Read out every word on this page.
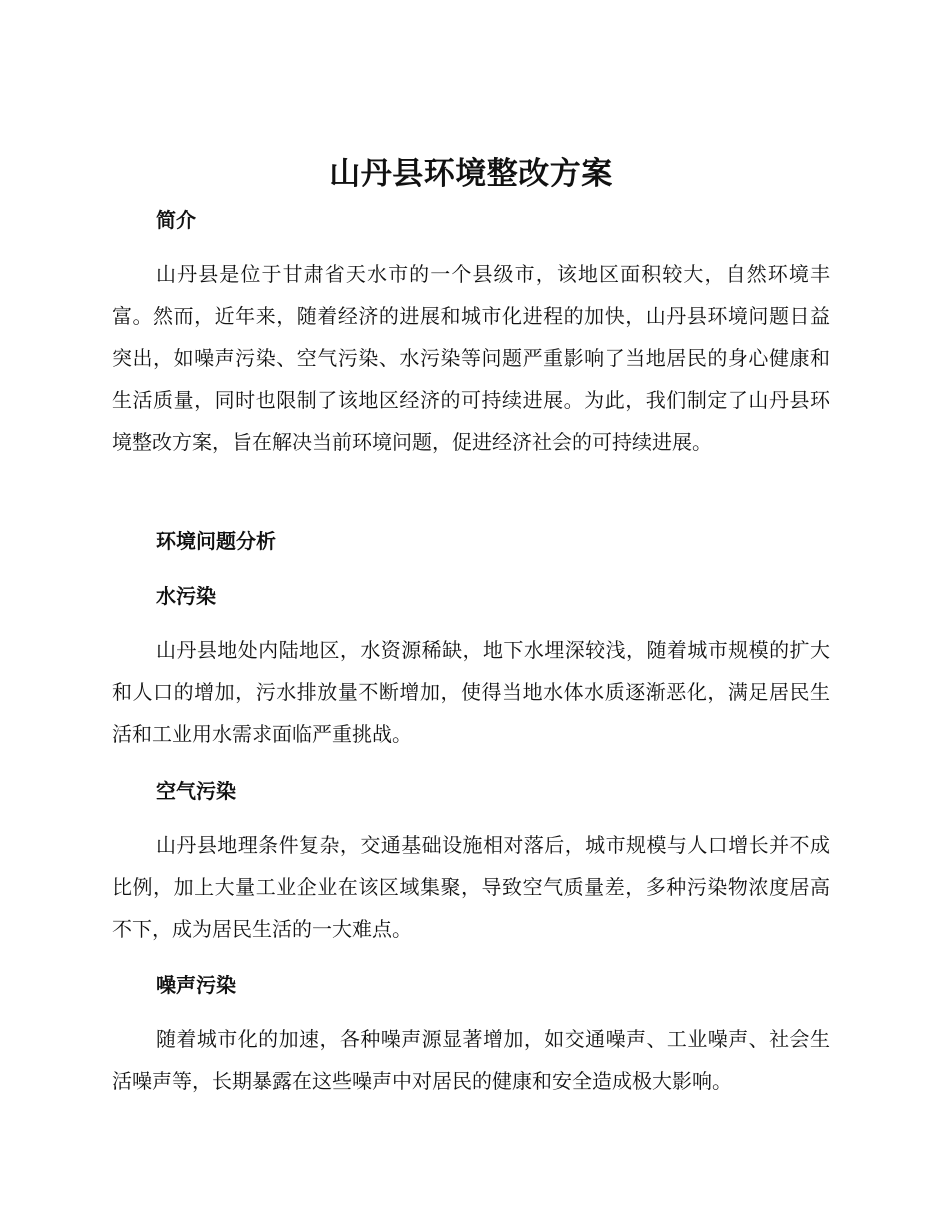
山丹县环境整改方案
简介

山丹县是位于甘肃省天水市的一个县级市，该地区面积较大，自然环境丰富。然而，近年来，随着经济的进展和城市化进程的加快，山丹县环境问题日益突出，如噪声污染、空气污染、水污染等问题严重影响了当地居民的身心健康和生活质量，同时也限制了该地区经济的可持续进展。为此，我们制定了山丹县环境整改方案，旨在解决当前环境问题，促进经济社会的可持续进展。

环境问题分析
水污染

山丹县地处内陆地区，水资源稀缺，地下水埋深较浅，随着城市规模的扩大和人口的增加，污水排放量不断增加，使得当地水体水质逐渐恶化，满足居民生活和工业用水需求面临严重挑战。

空气污染

山丹县地理条件复杂，交通基础设施相对落后，城市规模与人口增长并不成比例，加上大量工业企业在该区域集聚，导致空气质量差，多种污染物浓度居高不下，成为居民生活的一大难点。

噪声污染

随着城市化的加速，各种噪声源显著增加，如交通噪声、工业噪声、社会生活噪声等，长期暴露在这些噪声中对居民的健康和安全造成极大影响。
